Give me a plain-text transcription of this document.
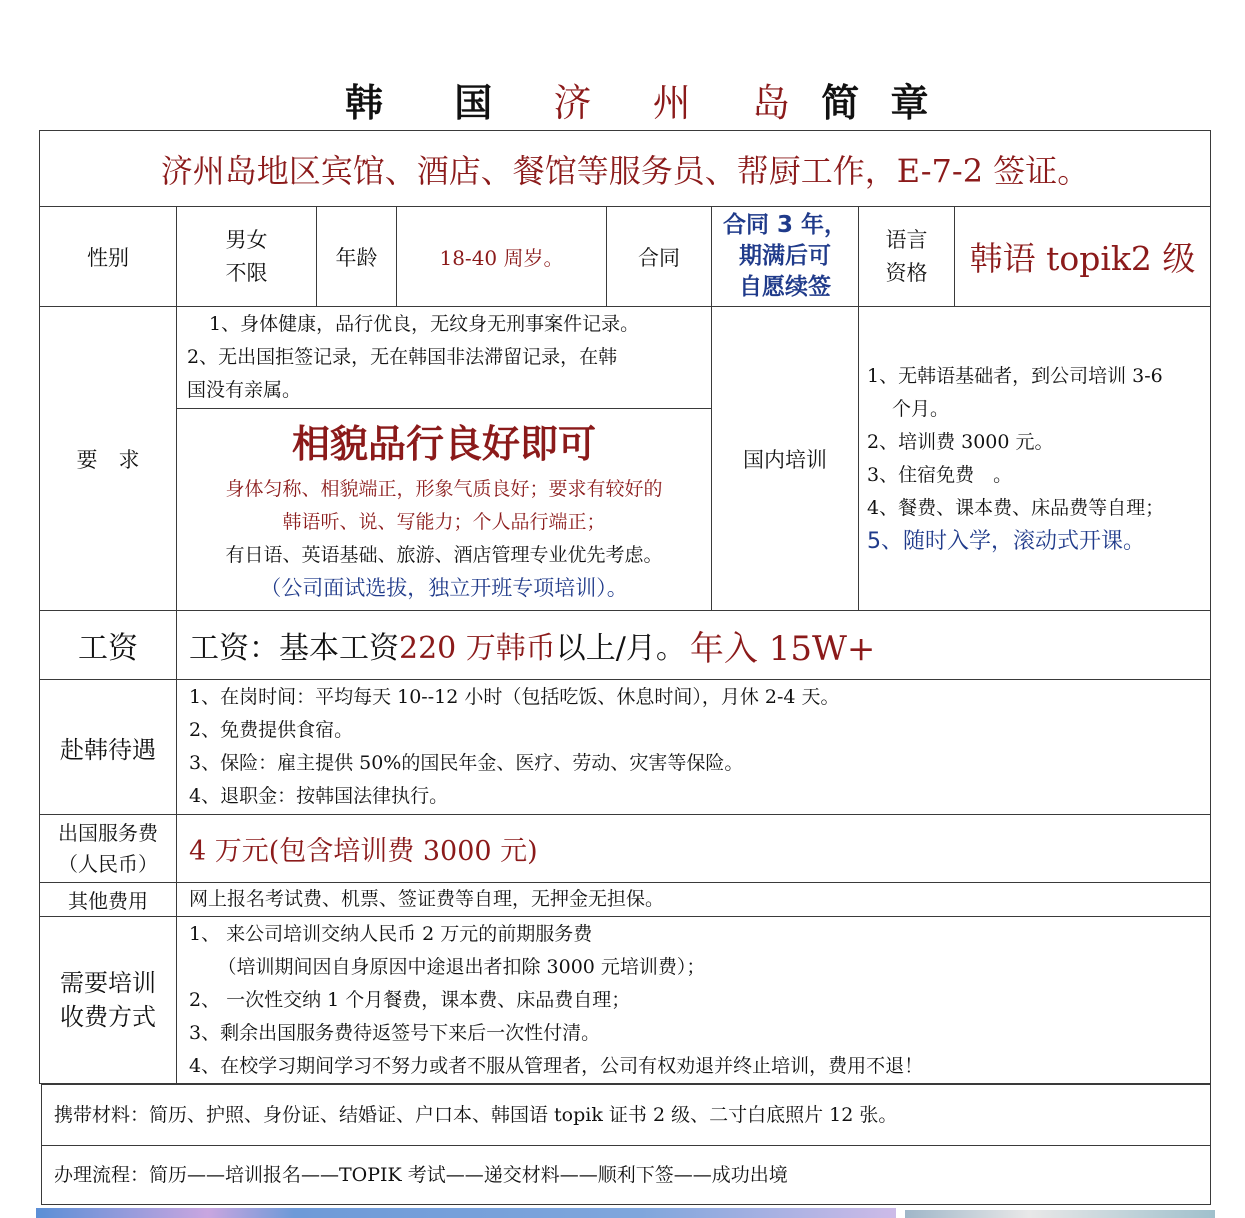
韩 国 济 州 岛 简 章
济州岛地区宾馆、酒店、餐馆等服务员、帮厨工作，E-7-2 签证。
性别
男女
不限
年龄	18-40 周岁。	合同
合同 3 年，
期满后可
自愿续签
语言
资格 韩语 topik2 级
要　求
1、身体健康，品行优良，无纹身无刑事案件记录。
2、无出国拒签记录，无在韩国非法滞留记录，在韩
国没有亲属。
相貌品行良好即可
身体匀称、相貌端正，形象气质良好；要求有较好的
韩语听、说、写能力；个人品行端正；
有日语、英语基础、旅游、酒店管理专业优先考虑。
（公司面试选拔，独立开班专项培训）。
国内培训
1、无韩语基础者，到公司培训 3-6
　 个月。
2、培训费 3000 元。
3、住宿免费　。
4、餐费、课本费、床品费等自理；
5、随时入学，滚动式开课。
工资 工资：基本工资 220 万韩币 以上/月。 年入 15W+
赴韩待遇
1、在岗时间：平均每天 10--12 小时（包括吃饭、休息时间），月休 2-4 天。
2、免费提供食宿。
3、保险：雇主提供 50%的国民年金、医疗、劳动、灾害等保险。
4、退职金：按韩国法律执行。
出国服务费
（人民币） 4 万元(包含培训费 3000 元)
其他费用 网上报名考试费、机票、签证费等自理，无押金无担保。
需要培训
收费方式
1、 来公司培训交纳人民币 2 万元的前期服务费
　　（培训期间因自身原因中途退出者扣除 3000 元培训费）；
2、 一次性交纳 1 个月餐费，课本费、床品费自理；
3、剩余出国服务费待返签号下来后一次性付清。
4、在校学习期间学习不努力或者不服从管理者，公司有权劝退并终止培训，费用不退！
携带材料：简历、护照、身份证、结婚证、户口本、韩国语 topik 证书 2 级、二寸白底照片 12 张。
办理流程：简历——培训报名——TOPIK 考试——递交材料——顺利下签——成功出境
